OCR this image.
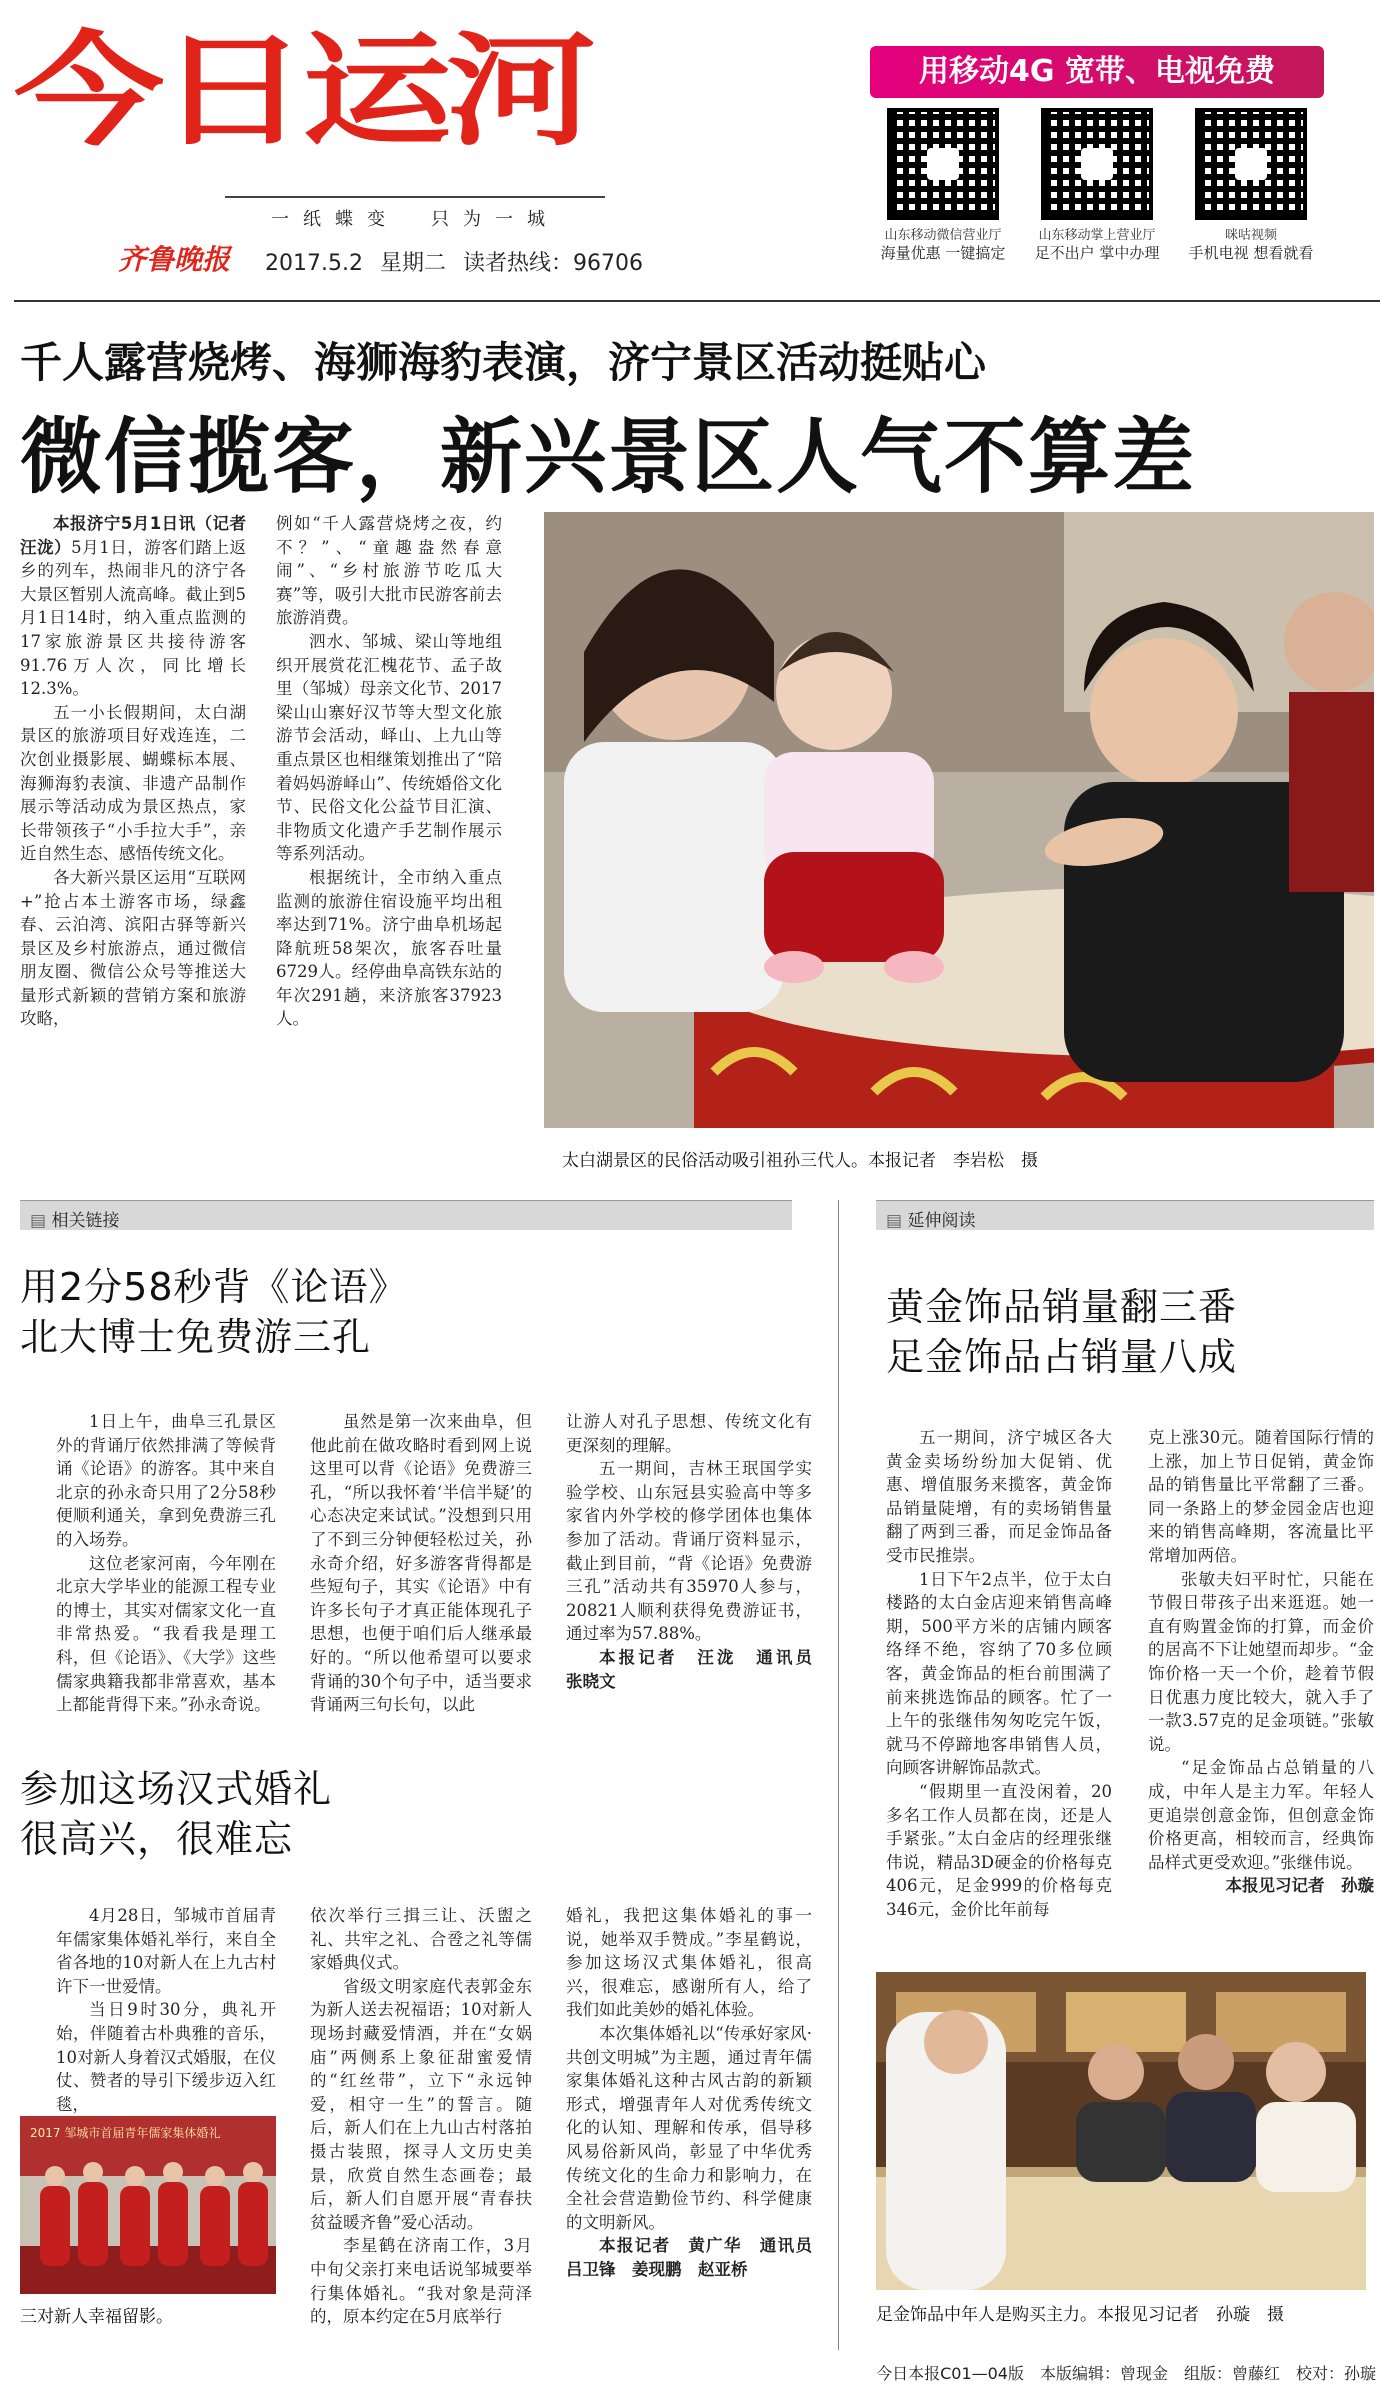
今日运河
一纸蝶变　只为一城
齐鲁晚报 2017.5.2 星期二 读者热线：96706
用移动4G 宽带、电视免费
山东移动微信营业厅	山东移动掌上营业厅	咪咕视频
海量优惠 一键搞定	足不出户 掌中办理	手机电视 想看就看
千人露营烧烤、海狮海豹表演，济宁景区活动挺贴心
微信揽客，新兴景区人气不算差

本报济宁5月1日讯（记者　汪泷）5月1日，游客们踏上返乡的列车，热闹非凡的济宁各大景区暂别人流高峰。截止到5月1日14时，纳入重点监测的17家旅游景区共接待游客91.76万人次，同比增长12.3%。

五一小长假期间，太白湖景区的旅游项目好戏连连，二次创业摄影展、蝴蝶标本展、海狮海豹表演、非遗产品制作展示等活动成为景区热点，家长带领孩子“小手拉大手”，亲近自然生态、感悟传统文化。

各大新兴景区运用“互联网+”抢占本土游客市场，绿鑫春、云泊湾、滨阳古驿等新兴景区及乡村旅游点，通过微信朋友圈、微信公众号等推送大量形式新颖的营销方案和旅游攻略，

例如“千人露营烧烤之夜，约不？”、“童趣盎然春意闹”、“乡村旅游节吃瓜大赛”等，吸引大批市民游客前去旅游消费。

泗水、邹城、梁山等地组织开展赏花汇槐花节、孟子故里（邹城）母亲文化节、2017梁山山寨好汉节等大型文化旅游节会活动，峄山、上九山等重点景区也相继策划推出了“陪着妈妈游峄山”、传统婚俗文化节、民俗文化公益节目汇演、非物质文化遗产手艺制作展示等系列活动。

根据统计，全市纳入重点监测的旅游住宿设施平均出租率达到71%。济宁曲阜机场起降航班58架次，旅客吞吐量6729人。经停曲阜高铁东站的年次291趟，来济旅客37923人。

太白湖景区的民俗活动吸引祖孙三代人。本报记者　李岩松　摄
▤ 相关链接
▤	延伸阅读
用2分58秒背《论语》
北大博士免费游三孔

1日上午，曲阜三孔景区外的背诵厅依然排满了等候背诵《论语》的游客。其中来自北京的孙永奇只用了2分58秒便顺利通关，拿到免费游三孔的入场券。

这位老家河南，今年刚在北京大学毕业的能源工程专业的博士，其实对儒家文化一直非常热爱。“我看我是理工科，但《论语》、《大学》这些儒家典籍我都非常喜欢，基本上都能背得下来。”孙永奇说。

虽然是第一次来曲阜，但他此前在做攻略时看到网上说这里可以背《论语》免费游三孔，“所以我怀着‘半信半疑’的心态决定来试试。”没想到只用了不到三分钟便轻松过关，孙永奇介绍，好多游客背得都是些短句子，其实《论语》中有许多长句子才真正能体现孔子思想，也便于咱们后人继承最好的。“所以他希望可以要求背诵的30个句子中，适当要求背诵两三句长句，以此

让游人对孔子思想、传统文化有更深刻的理解。

五一期间，吉林王珉国学实验学校、山东冠县实验高中等多家省内外学校的修学团体也集体参加了活动。背诵厅资料显示，截止到目前，“背《论语》免费游三孔”活动共有35970人参与，20821人顺利获得免费游证书，通过率为57.88%。

本报记者　汪泷　通讯员　张晓文

参加这场汉式婚礼
很高兴，很难忘

4月28日，邹城市首届青年儒家集体婚礼举行，来自全省各地的10对新人在上九古村许下一世爱情。

当日9时30分，典礼开始，伴随着古朴典雅的音乐，10对新人身着汉式婚服，在仪仗、赞者的导引下缓步迈入红毯，

2017 邹城市首届青年儒家集体婚礼
三对新人幸福留影。

依次举行三揖三让、沃盥之礼、共牢之礼、合卺之礼等儒家婚典仪式。

省级文明家庭代表郭金东为新人送去祝福语；10对新人现场封藏爱情酒，并在“女娲庙”两侧系上象征甜蜜爱情的“红丝带”，立下“永远钟爱，相守一生”的誓言。随后，新人们在上九山古村落拍摄古装照，探寻人文历史美景，欣赏自然生态画卷；最后，新人们自愿开展“青春扶贫益暖齐鲁”爱心活动。

李星鹤在济南工作，3月中旬父亲打来电话说邹城要举行集体婚礼。“我对象是菏泽的，原本约定在5月底举行

婚礼，我把这集体婚礼的事一说，她举双手赞成。”李星鹤说，参加这场汉式集体婚礼，很高兴，很难忘，感谢所有人，给了我们如此美妙的婚礼体验。

本次集体婚礼以“传承好家风·共创文明城”为主题，通过青年儒家集体婚礼这种古风古韵的新颖形式，增强青年人对优秀传统文化的认知、理解和传承，倡导移风易俗新风尚，彰显了中华优秀传统文化的生命力和影响力，在全社会营造勤俭节约、科学健康的文明新风。

本报记者　黄广华　通讯员　吕卫锋　姜现鹏　赵亚桥

黄金饰品销量翻三番
足金饰品占销量八成

五一期间，济宁城区各大黄金卖场纷纷加大促销、优惠、增值服务来揽客，黄金饰品销量陡增，有的卖场销售量翻了两到三番，而足金饰品备受市民推崇。

1日下午2点半，位于太白楼路的太白金店迎来销售高峰期，500平方米的店铺内顾客络绎不绝，容纳了70多位顾客，黄金饰品的柜台前围满了前来挑选饰品的顾客。忙了一上午的张继伟匆匆吃完午饭，就马不停蹄地客串销售人员，向顾客讲解饰品款式。

“假期里一直没闲着，20多名工作人员都在岗，还是人手紧张。”太白金店的经理张继伟说，精品3D硬金的价格每克406元，足金999的价格每克346元，金价比年前每

克上涨30元。随着国际行情的上涨，加上节日促销，黄金饰品的销售量比平常翻了三番。同一条路上的梦金园金店也迎来的销售高峰期，客流量比平常增加两倍。

张敏夫妇平时忙，只能在节假日带孩子出来逛逛。她一直有购置金饰的打算，而金价的居高不下让她望而却步。“金饰价格一天一个价，趁着节假日优惠力度比较大，就入手了一款3.57克的足金项链。”张敏说。

“足金饰品占总销量的八成，中年人是主力军。年轻人更追崇创意金饰，但创意金饰价格更高，相较而言，经典饰品样式更受欢迎。”张继伟说。

本报见习记者　孙璇

足金饰品中年人是购买主力。本报见习记者　孙璇　摄
今日本报C01—04版　本版编辑：曾现金　组版：曾藤红　校对：孙璇
